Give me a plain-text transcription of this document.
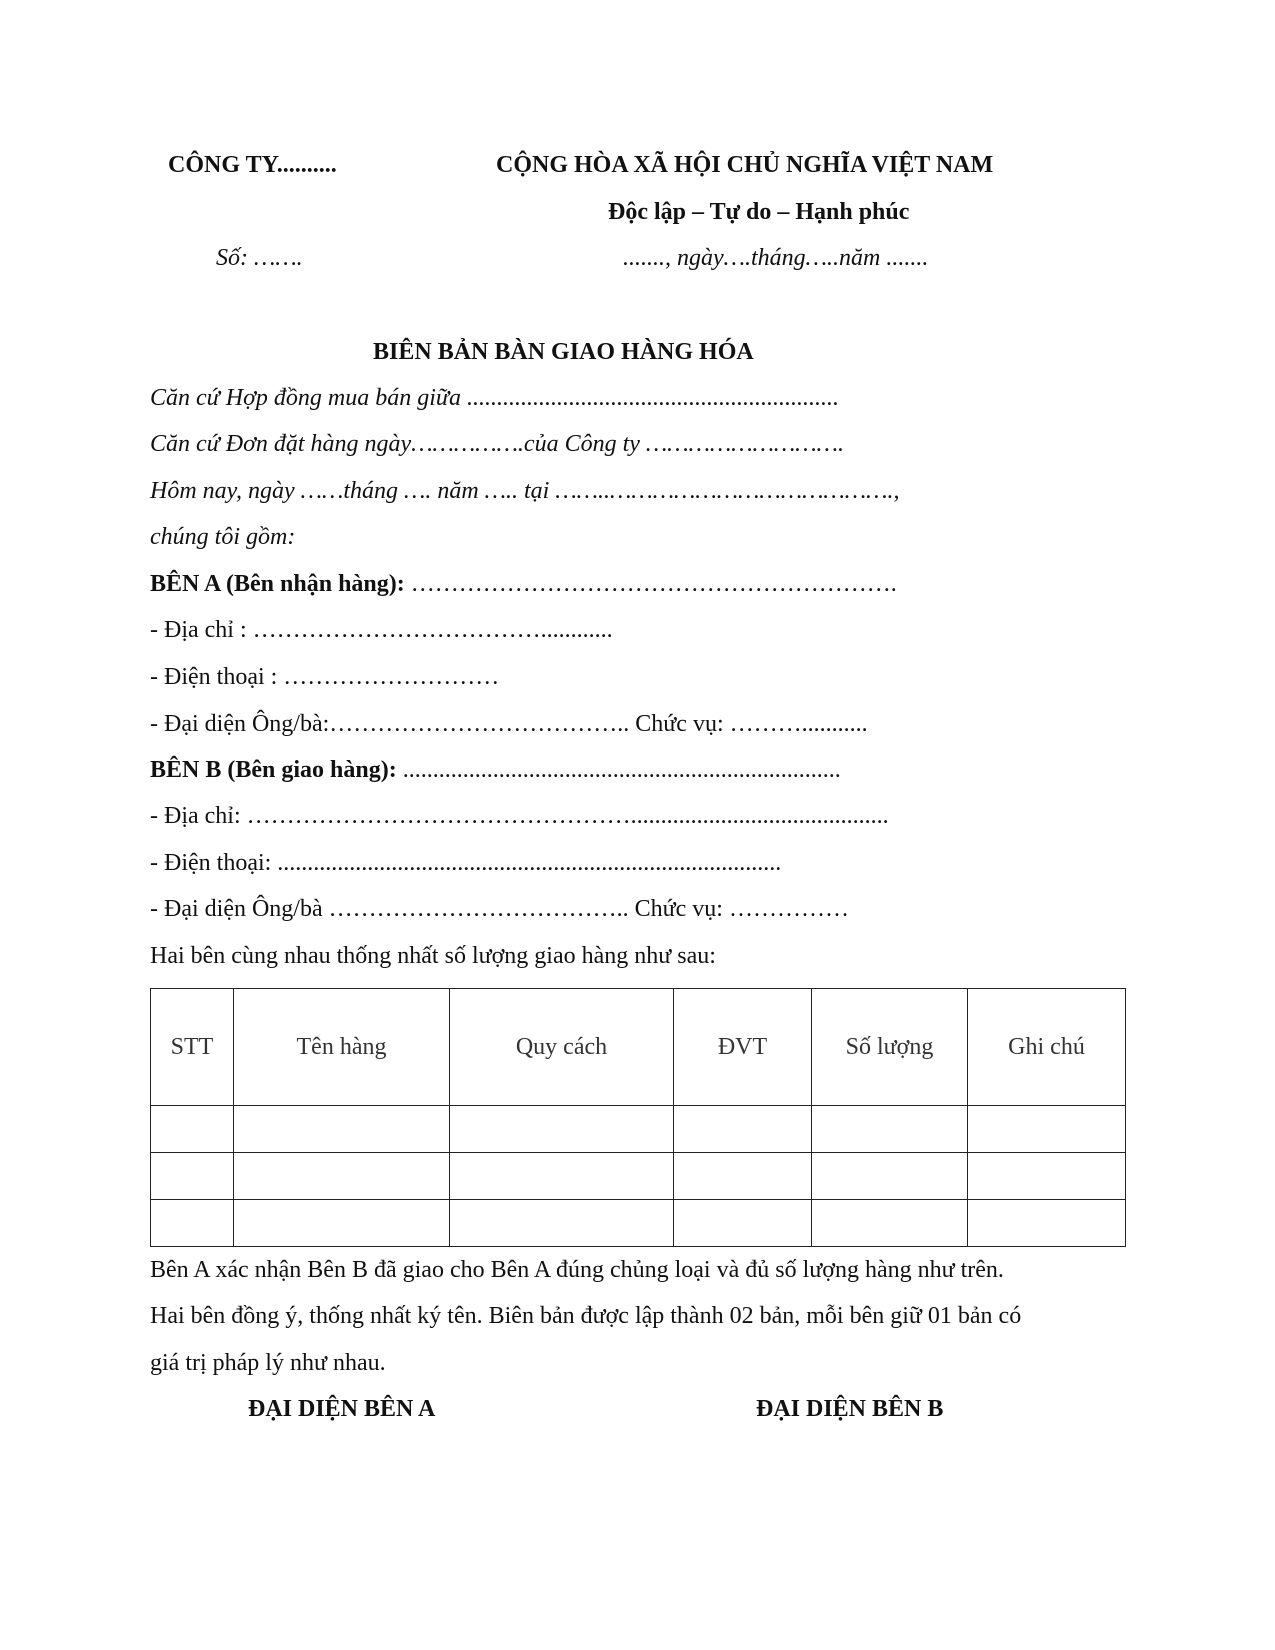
CÔNG TY..........	CỘNG HÒA XÃ HỘI CHỦ NGHĨA VIỆT NAM
Độc lập – Tự do – Hạnh phúc
Số: …….	......., ngày….tháng…..năm .......
BIÊN BẢN BÀN GIAO HÀNG HÓA
Căn cứ Hợp đồng mua bán giữa ..............................................................
Căn cứ Đơn đặt hàng ngày…………….của Công ty ……………………….
Hôm nay, ngày ……tháng …. năm ….. tại ……..………………………………….,
chúng tôi gồm:
BÊN A (Bên nhận hàng): …………………………………………………….
- Địa chỉ : ………………………………............
- Điện thoại : ………………………
- Đại diện Ông/bà:……………………………….. Chức vụ: ………...........
BÊN B (Bên giao hàng): .........................................................................
- Địa chỉ: …………………………………………...........................................
- Điện thoại: ....................................................................................
- Đại diện Ông/bà ……………………………….. Chức vụ: ……………
Hai bên cùng nhau thống nhất số lượng giao hàng như sau:
STT	Tên hàng	Quy cách	ĐVT	Số lượng	Ghi chú

Bên A xác nhận Bên B đã giao cho Bên A đúng chủng loại và đủ số lượng hàng như trên.
Hai bên đồng ý, thống nhất ký tên. Biên bản được lập thành 02 bản, mỗi bên giữ 01 bản có
giá trị pháp lý như nhau.
ĐẠI DIỆN BÊN A	ĐẠI DIỆN BÊN B
